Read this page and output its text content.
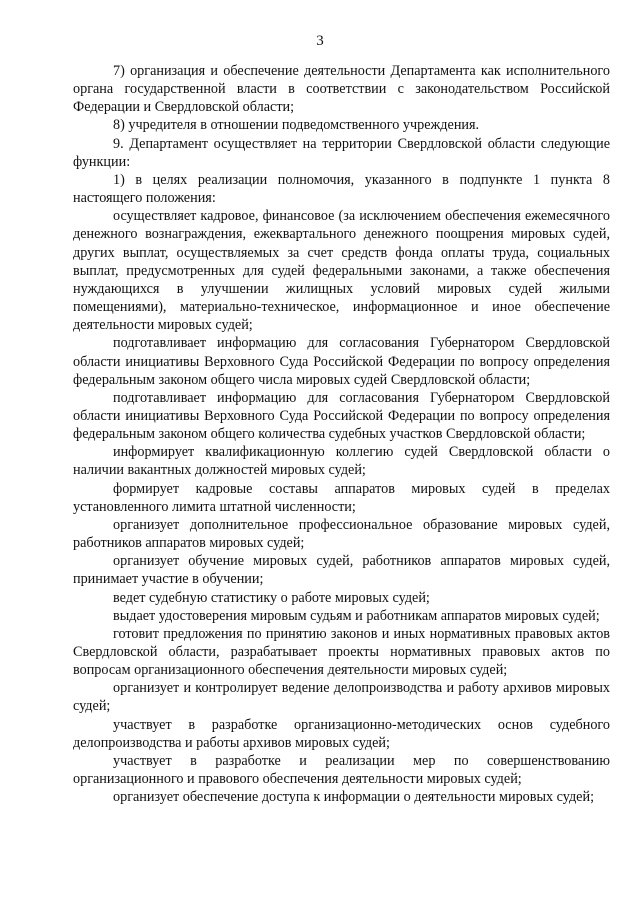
3

7) организация и обеспечение деятельности Департамента как исполнительного органа государственной власти в соответствии с законодательством Российской Федерации и Свердловской области;

8) учредителя в отношении подведомственного учреждения.

9. Департамент осуществляет на территории Свердловской области следующие функции:

1) в целях реализации полномочия, указанного в подпункте 1 пункта 8 настоящего положения:

осуществляет кадровое, финансовое (за исключением обеспечения ежемесячного денежного вознаграждения, ежеквартального денежного поощрения мировых судей, других выплат, осуществляемых за счет средств фонда оплаты труда, социальных выплат, предусмотренных для судей федеральными законами, а также обеспечения нуждающихся в улучшении жилищных условий мировых судей жилыми помещениями), материально-техническое, информационное и иное обеспечение деятельности мировых судей;

подготавливает информацию для согласования Губернатором Свердловской области инициативы Верховного Суда Российской Федерации по вопросу определения федеральным законом общего числа мировых судей Свердловской области;

подготавливает информацию для согласования Губернатором Свердловской области инициативы Верховного Суда Российской Федерации по вопросу определения федеральным законом общего количества судебных участков Свердловской области;

информирует квалификационную коллегию судей Свердловской области о наличии вакантных должностей мировых судей;

формирует кадровые составы аппаратов мировых судей в пределах установленного лимита штатной численности;

организует дополнительное профессиональное образование мировых судей, работников аппаратов мировых судей;

организует обучение мировых судей, работников аппаратов мировых судей, принимает участие в обучении;

ведет судебную статистику о работе мировых судей;

выдает удостоверения мировым судьям и работникам аппаратов мировых судей;

готовит предложения по принятию законов и иных нормативных правовых актов Свердловской области, разрабатывает проекты нормативных правовых актов по вопросам организационного обеспечения деятельности мировых судей;

организует и контролирует ведение делопроизводства и работу архивов мировых судей;

участвует в разработке организационно-методических основ судебного делопроизводства и работы архивов мировых судей;

участвует в разработке и реализации мер по совершенствованию организационного и правового обеспечения деятельности мировых судей;

организует обеспечение доступа к информации о деятельности мировых судей;
